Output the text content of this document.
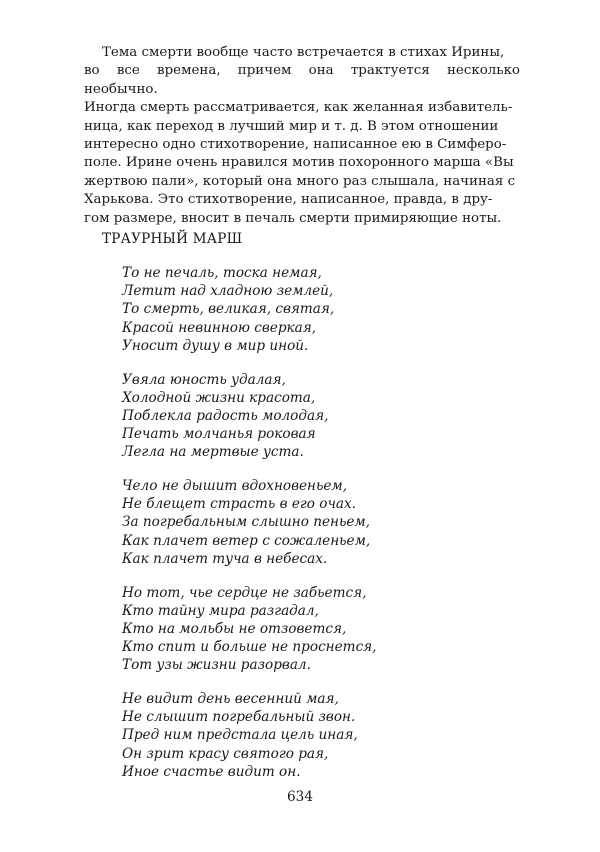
Тема смерти вообще часто встречается в стихах Ирины,
во все времена, причем она трактуется несколько необычно.
Иногда смерть рассматривается, как желанная избавитель-
ница, как переход в лучший мир и т. д. В этом отношении
интересно одно стихотворение, написанное ею в Симферо-
поле. Ирине очень нравился мотив похоронного марша «Вы
жертвою пали», который она много раз слышала, начиная с
Харькова. Это стихотворение, написанное, правда, в дру-
гом размере, вносит в печаль смерти примиряющие ноты.
ТРАУРНЫЙ МАРШ
То не печаль, тоска немая,
Летит над хладною землей,
То смерть, великая, святая,
Красой невинною сверкая,
Уносит душу в мир иной.
Увяла юность удалая,
Холодной жизни красота,
Поблекла радость молодая,
Печать молчанья роковая
Легла на мертвые уста.
Чело не дышит вдохновеньем,
Не блещет страсть в его очах.
За погребальным слышно пеньем,
Как плачет ветер с сожаленьем,
Как плачет туча в небесах.
Но тот, чье сердце не забьется,
Кто тайну мира разгадал,
Кто на мольбы не отзовется,
Кто спит и больше не проснется,
Тот узы жизни разорвал.
Не видит день весенний мая,
Не слышит погребальный звон.
Пред ним предстала цель иная,
Он зрит красу святого рая,
Иное счастье видит он.
634
